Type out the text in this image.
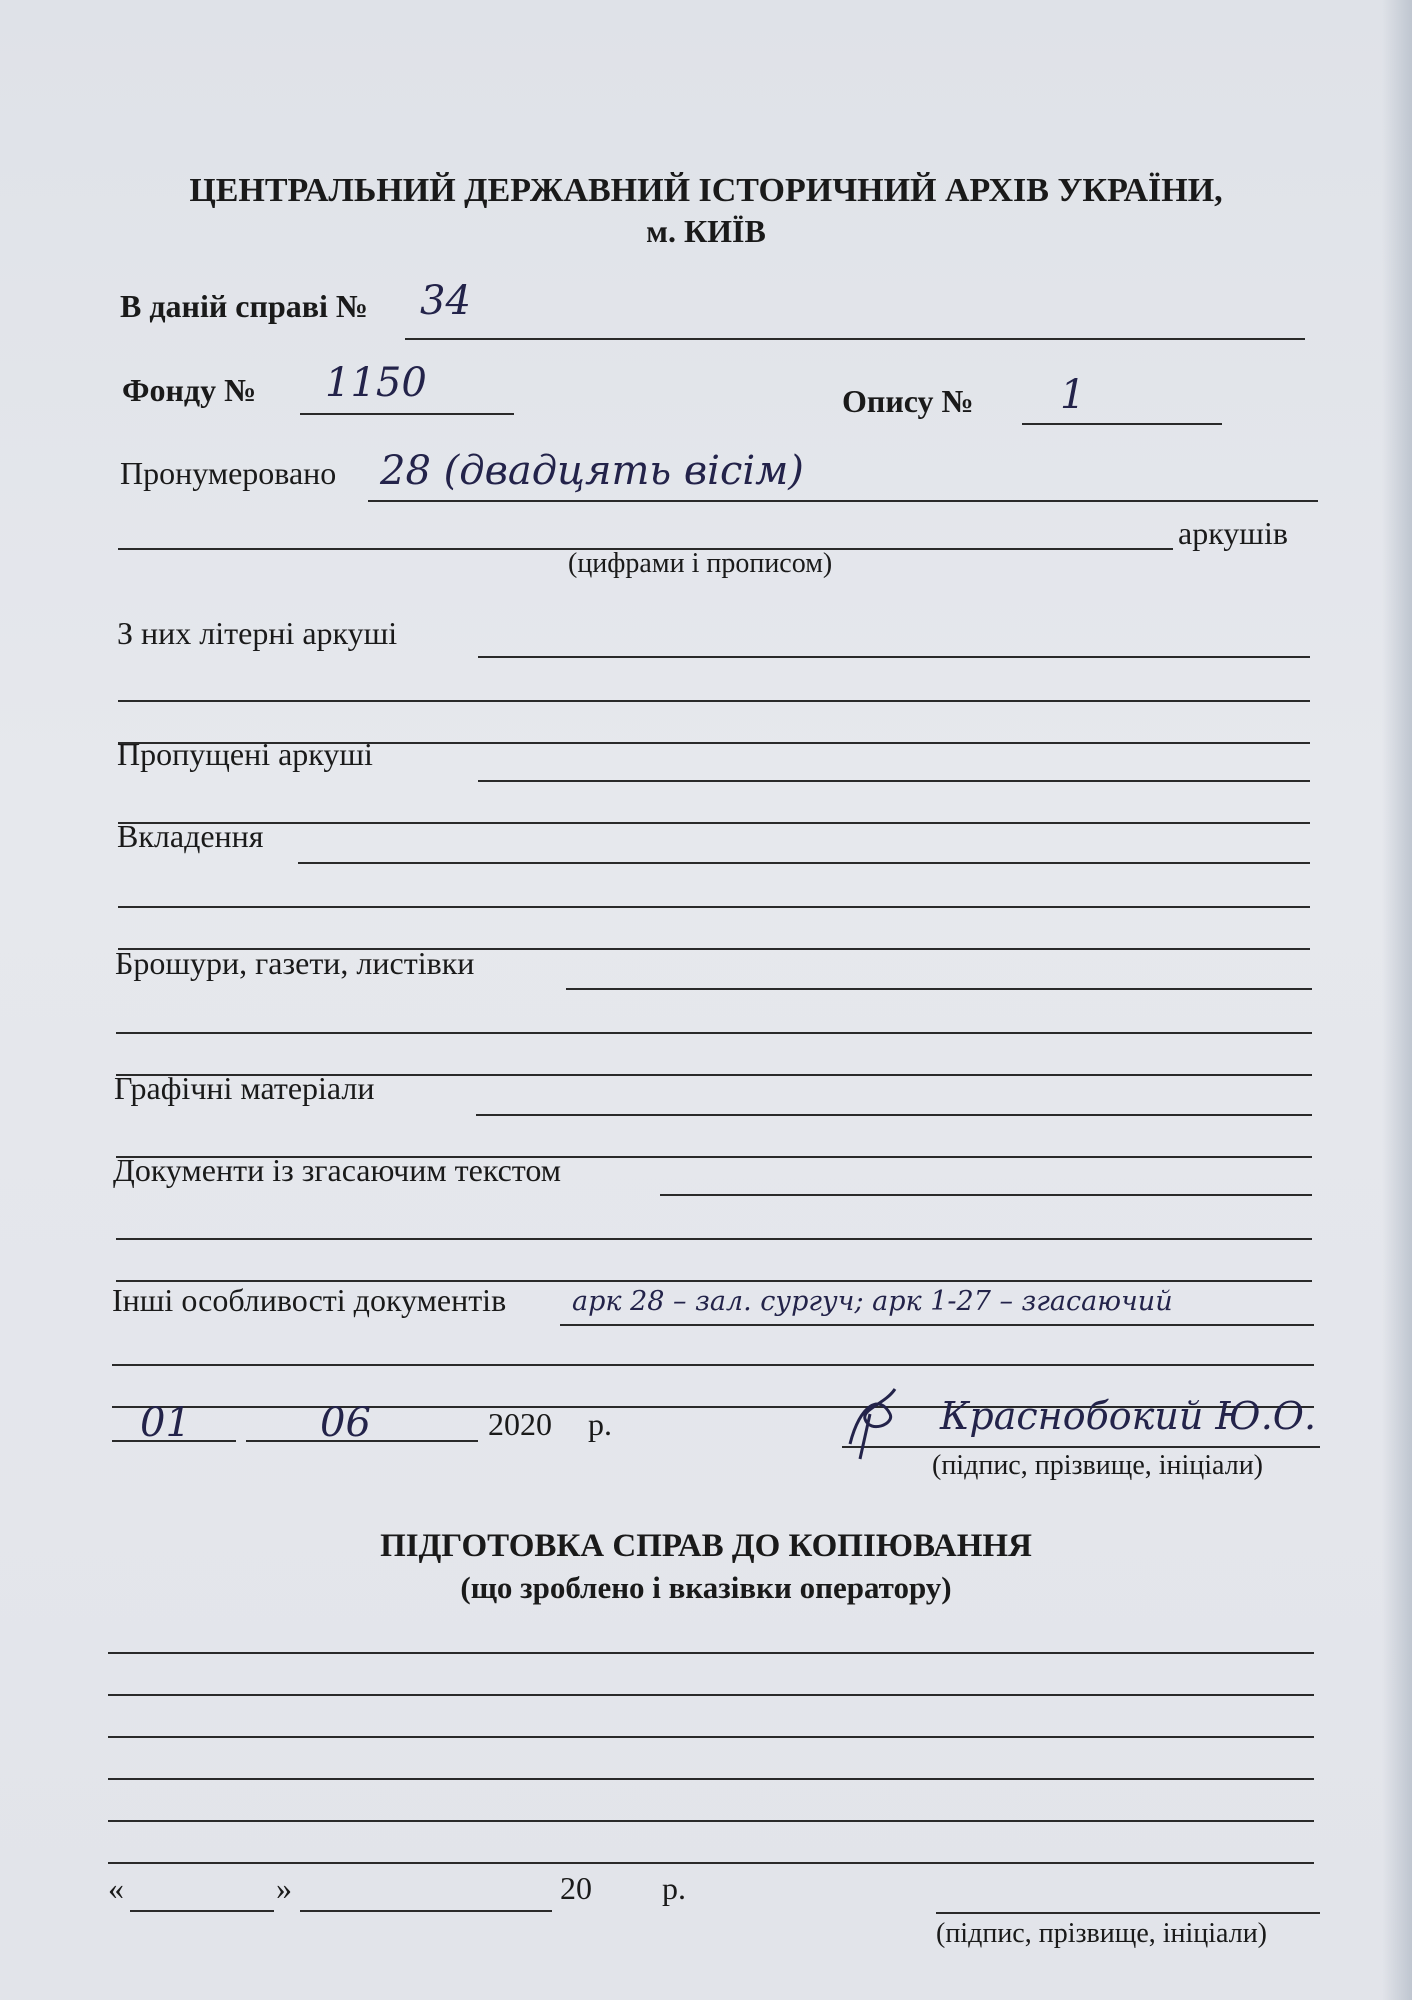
ЦЕНТРАЛЬНИЙ ДЕРЖАВНИЙ ІСТОРИЧНИЙ АРХІВ УКРАЇНИ,
м. КИЇВ
В даній справі № 34
Фонду № 1150	Опису № 1
Пронумеровано 28 (двадцять вісім)
аркушів
(цифрами і прописом)
З них літерні аркуші
Пропущені аркуші
Вкладення
Брошури, газети, листівки
Графічні матеріали
Документи із згасаючим текстом
Інші особливості документів арк 28 – зал. сургуч; арк 1-27 – згасаючий
01	06	2020 р.	Краснобокий Ю.О.
(підпис, прізвище, ініціали)
ПІДГОТОВКА СПРАВ ДО КОПІЮВАННЯ
(що зроблено і вказівки оператору)
«	»	20 р.
(підпис, прізвище, ініціали)
